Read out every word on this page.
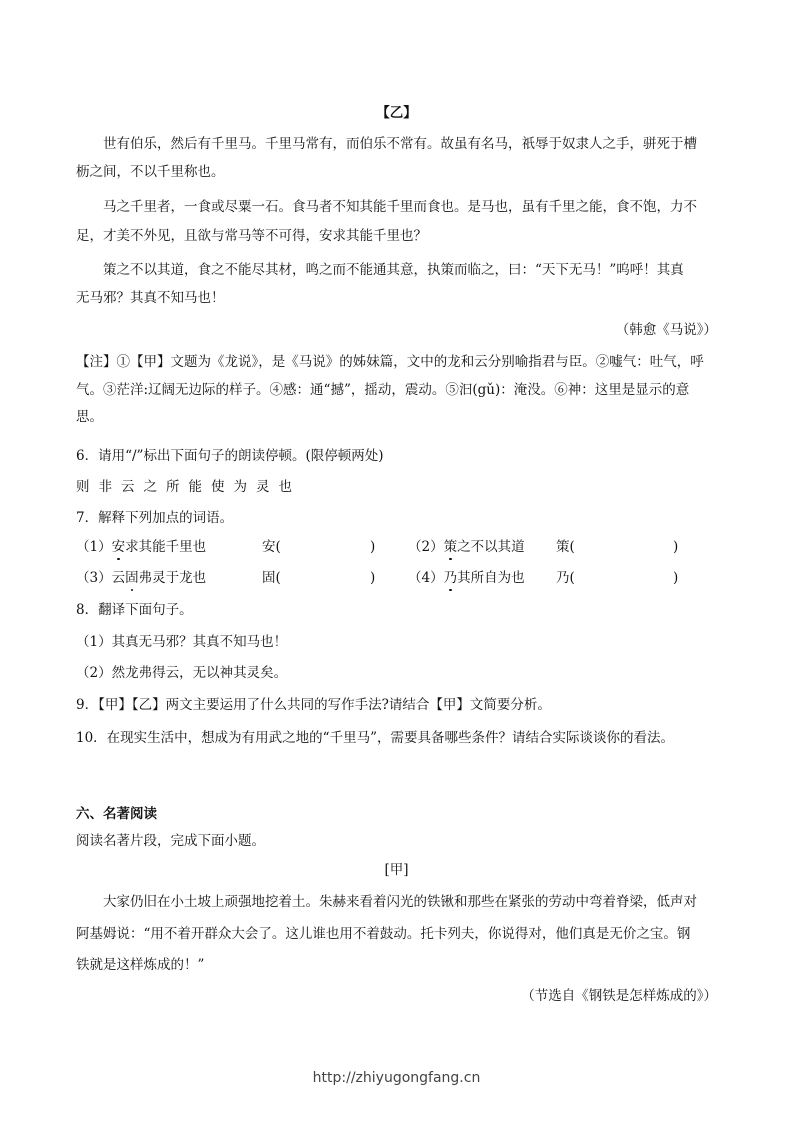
【乙】
世有伯乐，然后有千里马。千里马常有，而伯乐不常有。故虽有名马，祇辱于奴隶人之手，骈死于槽
枥之间，不以千里称也。
马之千里者，一食或尽粟一石。食马者不知其能千里而食也。是马也，虽有千里之能，食不饱，力不
足，才美不外见，且欲与常马等不可得，安求其能千里也？
策之不以其道，食之不能尽其材，鸣之而不能通其意，执策而临之，曰：“天下无马！”呜呼！其真
无马邪？其真不知马也！
（韩愈《马说》）
【注】①【甲】文题为《龙说》，是《马说》的姊妹篇，文中的龙和云分别喻指君与臣。②嘘气：吐气，呼
气。③茫洋:辽阔无边际的样子。④感：通“撼”，摇动，震动。⑤汩(gǔ)：淹没。⑥神：这里是显示的意
思。
6．请用“/”标出下面句子的朗读停顿。(限停顿两处)
则非云之所能使为灵也
7．解释下列加点的词语。
（1）安求其能千里也	安(	) （2）策之不以其道 策(	)
（3）云固弗灵于龙也	固(	) （4）乃其所自为也 乃(	)
8．翻译下面句子。
（1）其真无马邪？其真不知马也！
（2）然龙弗得云，无以神其灵矣。
9．【甲】【乙】两文主要运用了什么共同的写作手法?请结合【甲】文简要分析。
10．在现实生活中，想成为有用武之地的“千里马”，需要具备哪些条件？请结合实际谈谈你的看法。
六、名著阅读
阅读名著片段，完成下面小题。
[甲]
大家仍旧在小土坡上顽强地挖着土。朱赫来看着闪光的铁锹和那些在紧张的劳动中弯着脊梁，低声对
阿基姆说：“用不着开群众大会了。这儿谁也用不着鼓动。托卡列夫，你说得对，他们真是无价之宝。钢
铁就是这样炼成的！”
（节选自《钢铁是怎样炼成的》）
http://zhiyugongfang.cn
